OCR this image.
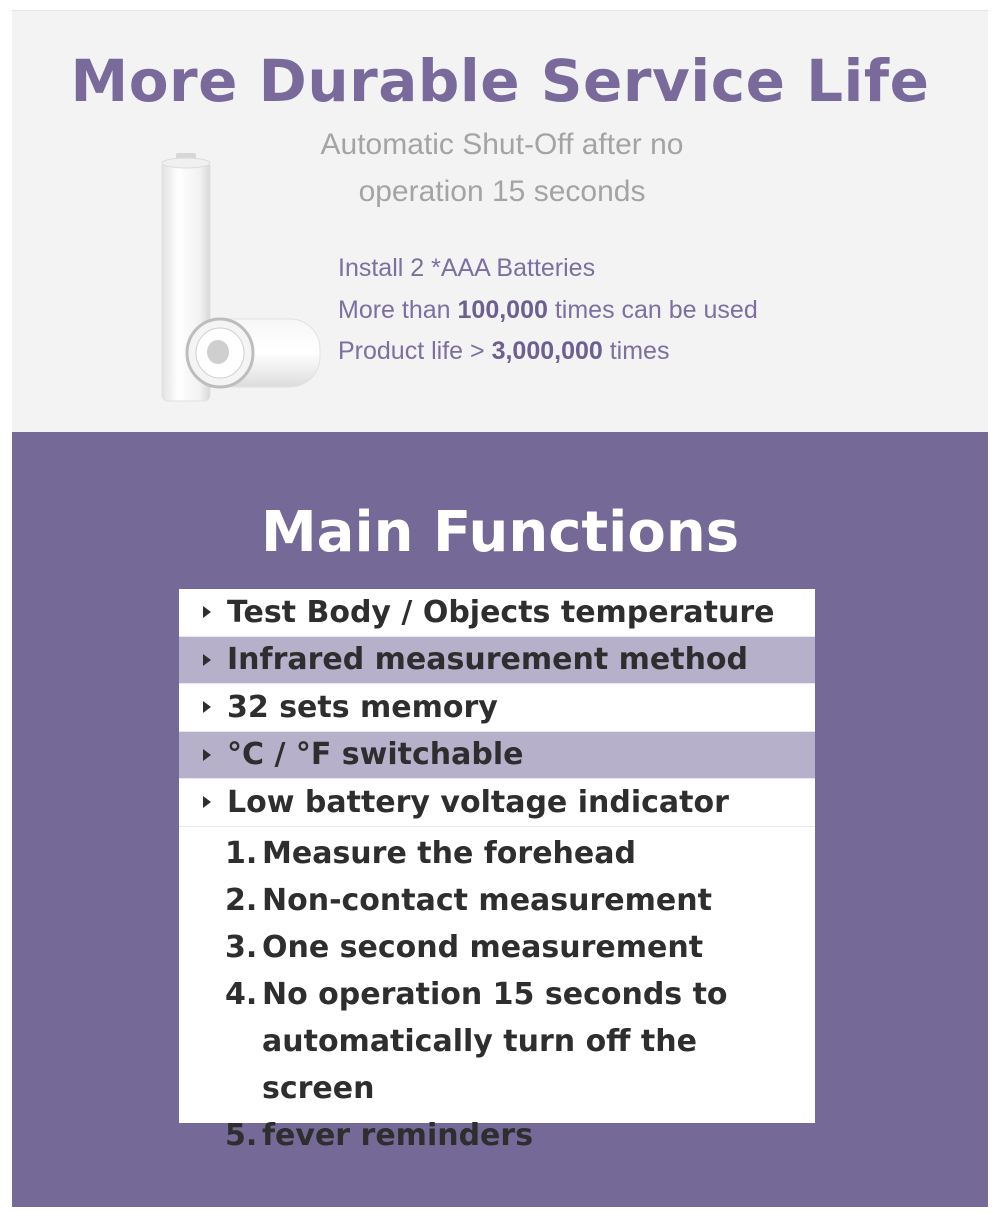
More Durable Service Life
Automatic Shut-Off after no
operation 15 seconds
Install 2 *AAA Batteries
More than 100,000 times can be used
Product life > 3,000,000 times
Main Functions
Test Body / Objects temperature
Infrared measurement method
32 sets memory
°C / °F switchable
Low battery voltage indicator
1. Measure the forehead
2. Non-contact measurement
3. One second measurement
4. No operation 15 seconds to
automatically turn off the screen
5. fever reminders
